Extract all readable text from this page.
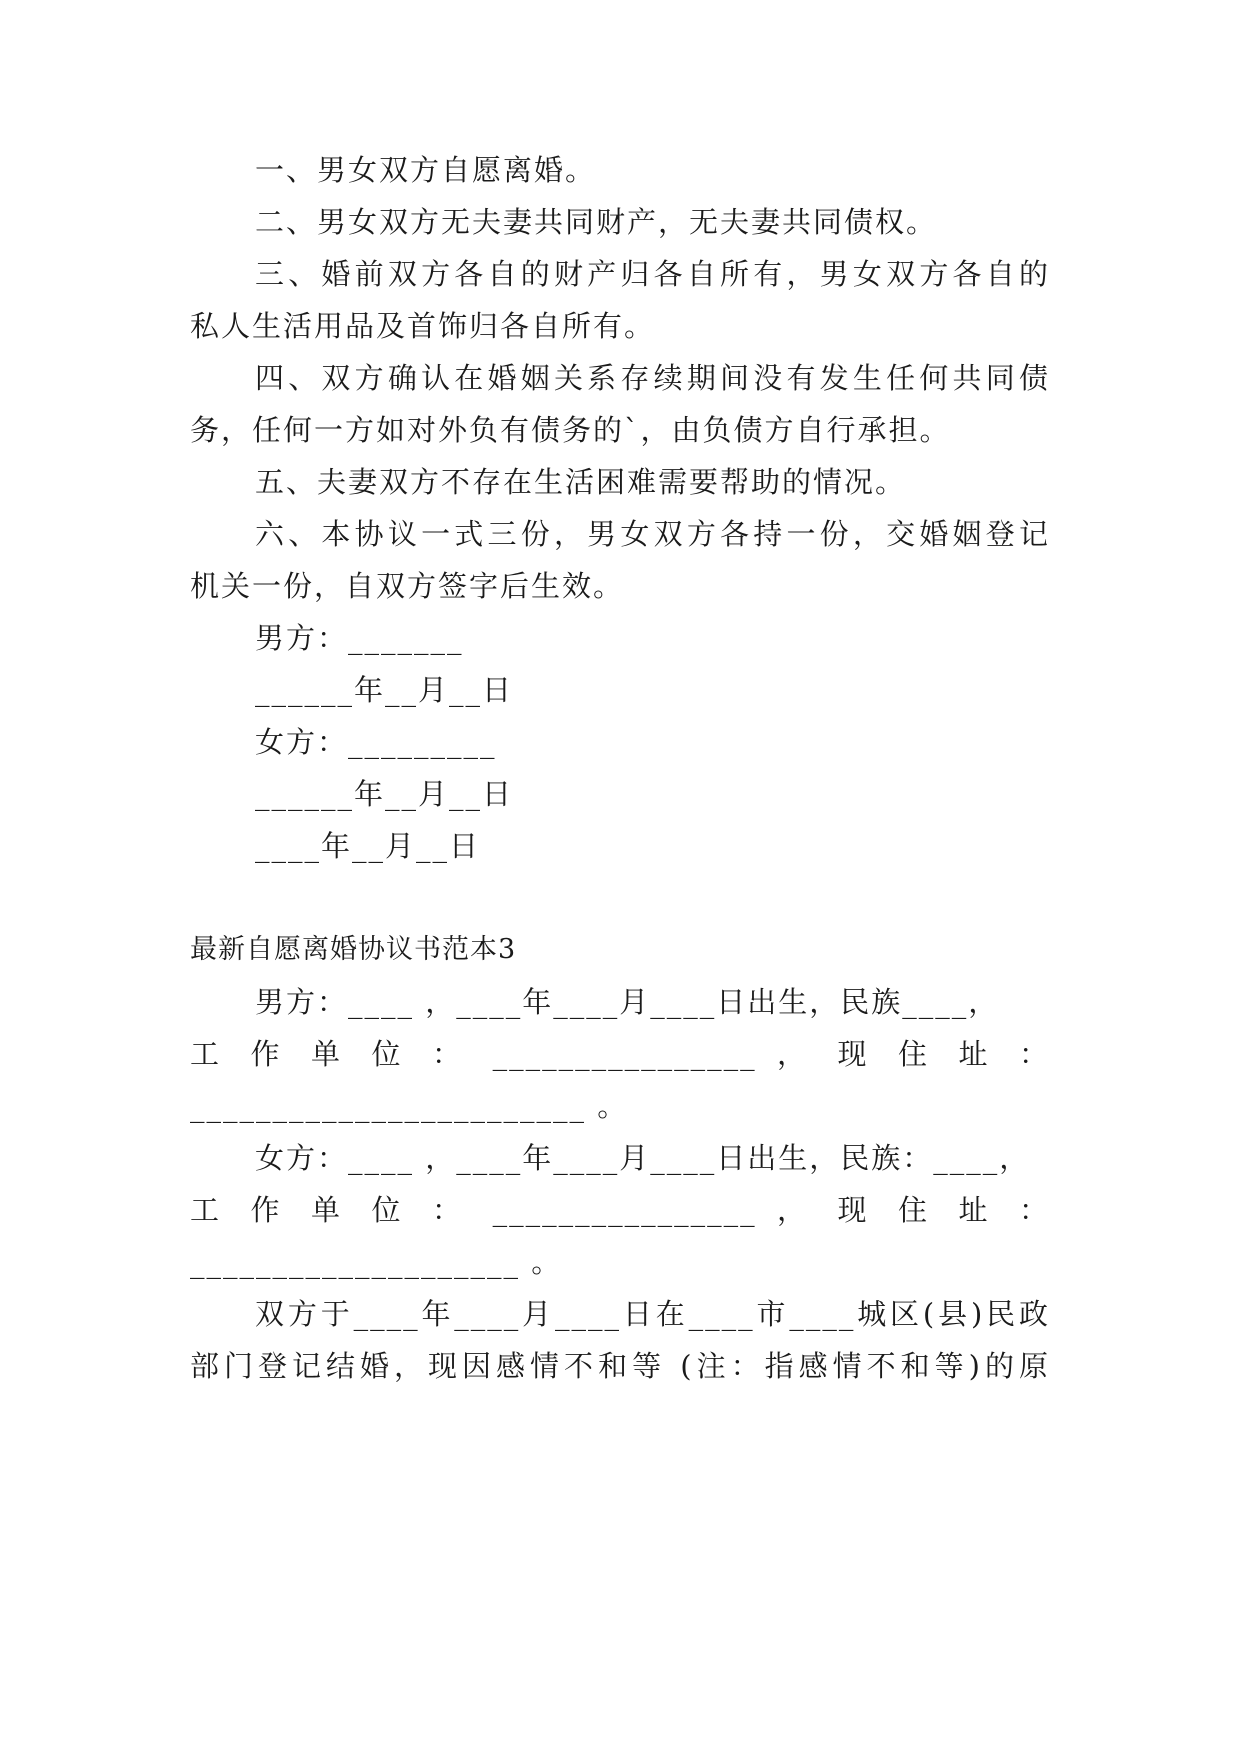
一、男女双方自愿离婚。
二、男女双方无夫妻共同财产，无夫妻共同债权。
三、婚前双方各自的财产归各自所有，男女双方各自的
私人生活用品及首饰归各自所有。
四、双方确认在婚姻关系存续期间没有发生任何共同债
务，任何一方如对外负有债务的`，由负债方自行承担。
五、夫妻双方不存在生活困难需要帮助的情况。
六、本协议一式三份，男女双方各持一份，交婚姻登记
机关一份，自双方签字后生效。
男方：_______
______年__月__日
女方：_________
______年__月__日
____年__月__日
最新自愿离婚协议书范本3
男方：____ ，____年____月____日出生，民族____，
工 作 单 位 ： ________________ ， 现 住 址 ：
________________________ 。
女方：____ ，____年____月____日出生，民族：____，
工 作 单 位 ： ________________ ， 现 住 址 ：
____________________ 。
双方于____年____月____日在____市____城区(县)民政
部门登记结婚，现因感情不和等 (注：指感情不和等)的原
